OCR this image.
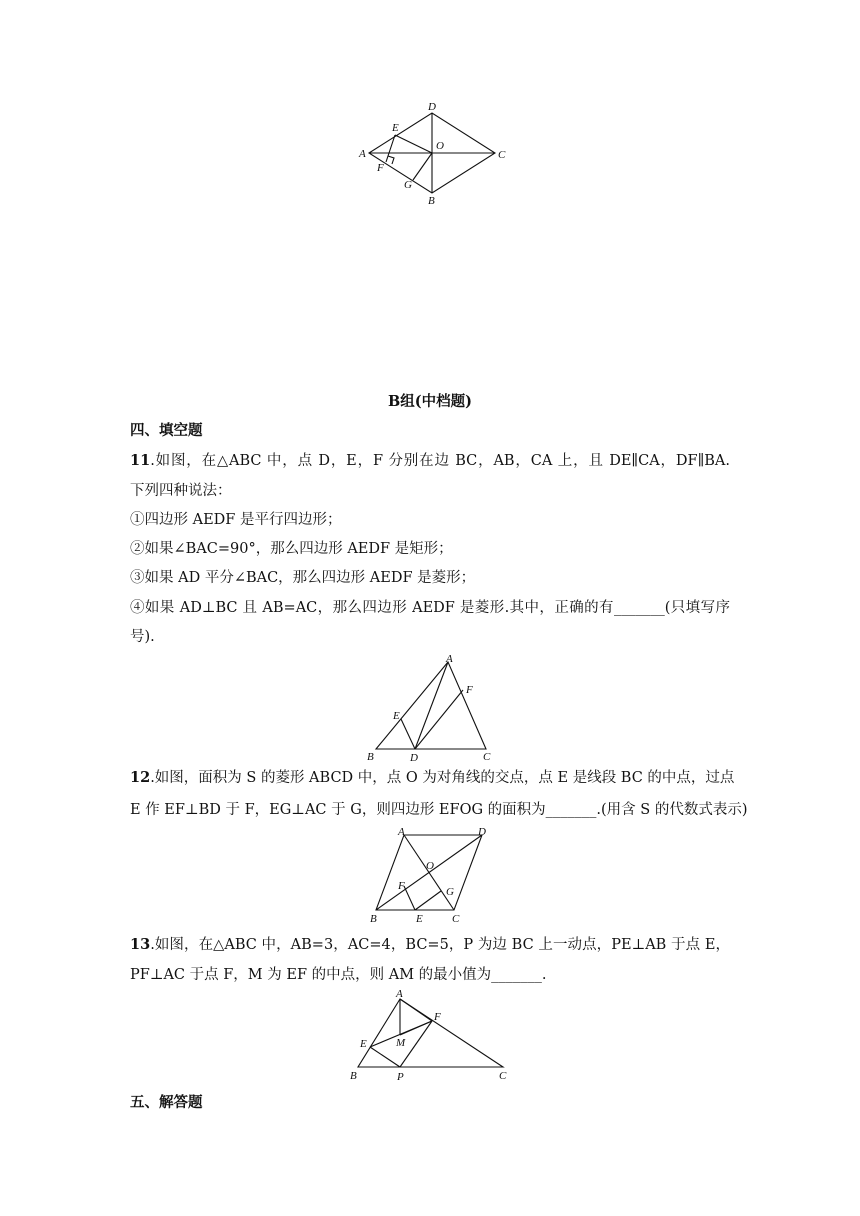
A
B
C
D
E
F
G
O
B组(中档题)
四、填空题
11.如图，在△ABC 中，点 D，E，F 分别在边 BC，AB，CA 上，且 DE∥CA，DF∥BA.
下列四种说法：
①四边形 AEDF 是平行四边形；
②如果∠BAC=90°，那么四边形 AEDF 是矩形；
③如果 AD 平分∠BAC，那么四边形 AEDF 是菱形；
④如果 AD⊥BC 且 AB=AC，那么四边形 AEDF 是菱形.其中，正确的有_______(只填写序
号).
A
B	C
D
E
F
12.如图，面积为 S 的菱形 ABCD 中，点 O 为对角线的交点，点 E 是线段 BC 的中点，过点
E 作 EF⊥BD 于 F，EG⊥AC 于 G，则四边形 EFOG 的面积为_______.(用含 S 的代数式表示)
A
B	C
D
E
F	G
O
13.如图，在△ABC 中，AB=3，AC=4，BC=5，P 为边 BC 上一动点，PE⊥AB 于点 E，
PF⊥AC 于点 F，M 为 EF 的中点，则 AM 的最小值为_______.
A
B	C
E
F
M
P
五、解答题
